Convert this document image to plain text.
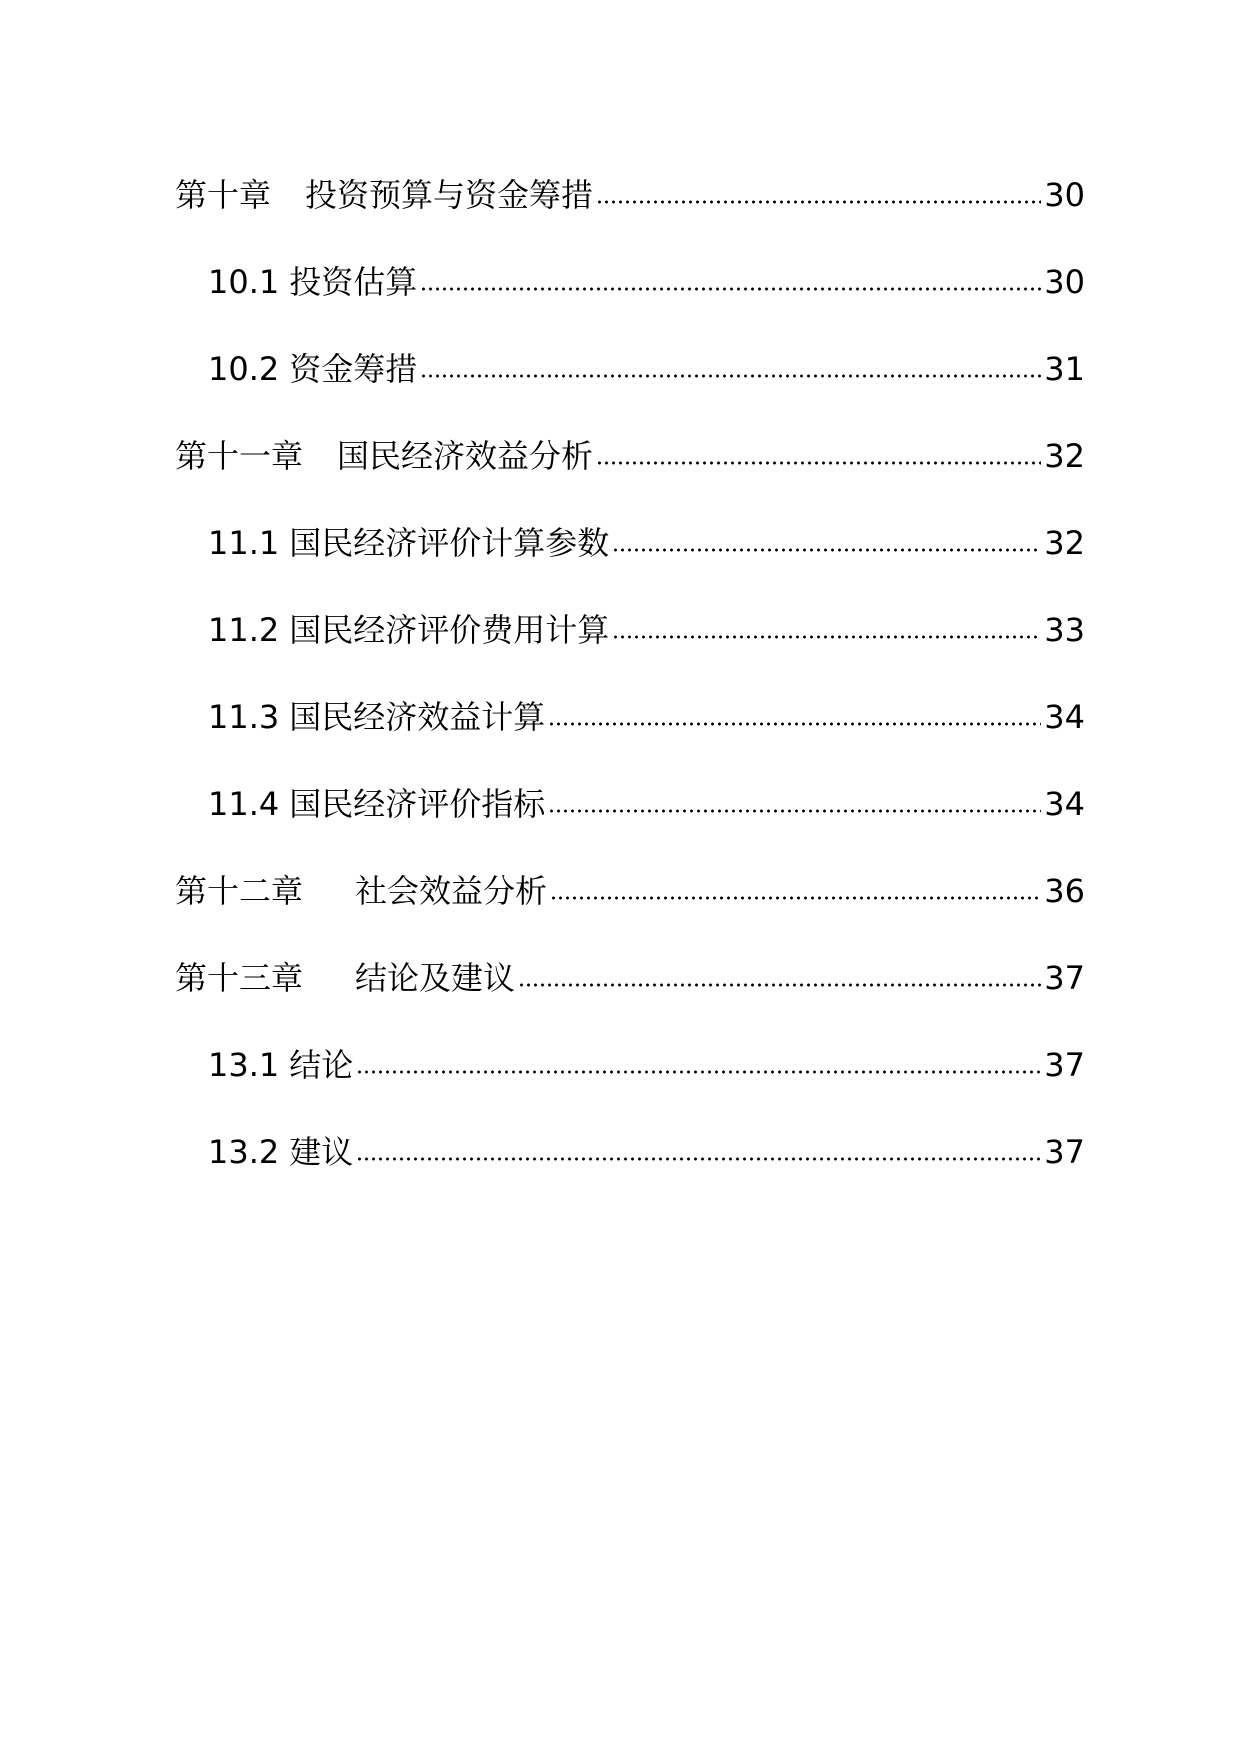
第十章 投资预算与资金筹措	30
10.1 投资估算	30
10.2 资金筹措	31
第十一章 国民经济效益分析	32
11.1 国民经济评价计算参数	32
11.2 国民经济评价费用计算	33
11.3 国民经济效益计算	34
11.4 国民经济评价指标	34
第十二章 社会效益分析	36
第十三章 结论及建议	37
13.1 结论	37
13.2 建议	37
